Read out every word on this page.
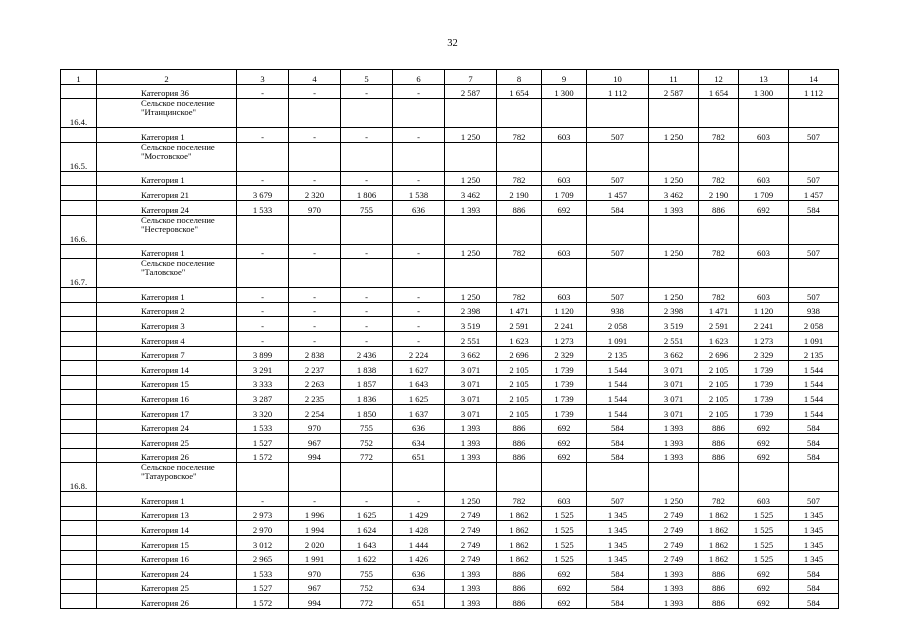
32
1	2	3	4	5	6	7	8	9	10	11	12	13	14
	Категория 36	-	-	-	-	2 587	1 654	1 300	1 112	2 587	1 654	1 300	1 112
16.4.	Сельское поселение "Итанцинское"												
	Категория 1	-	-	-	-	1 250	782	603	507	1 250	782	603	507
16.5.	Сельское поселение "Мостовское"												
	Категория 1	-	-	-	-	1 250	782	603	507	1 250	782	603	507
	Категория 21	3 679	2 320	1 806	1 538	3 462	2 190	1 709	1 457	3 462	2 190	1 709	1 457
	Категория 24	1 533	970	755	636	1 393	886	692	584	1 393	886	692	584
16.6.	Сельское поселение "Нестеровское"												
	Категория 1	-	-	-	-	1 250	782	603	507	1 250	782	603	507
16.7.	Сельское поселение "Таловское"												
	Категория 1	-	-	-	-	1 250	782	603	507	1 250	782	603	507
	Категория 2	-	-	-	-	2 398	1 471	1 120	938	2 398	1 471	1 120	938
	Категория 3	-	-	-	-	3 519	2 591	2 241	2 058	3 519	2 591	2 241	2 058
	Категория 4	-	-	-	-	2 551	1 623	1 273	1 091	2 551	1 623	1 273	1 091
	Категория 7	3 899	2 838	2 436	2 224	3 662	2 696	2 329	2 135	3 662	2 696	2 329	2 135
	Категория 14	3 291	2 237	1 838	1 627	3 071	2 105	1 739	1 544	3 071	2 105	1 739	1 544
	Категория 15	3 333	2 263	1 857	1 643	3 071	2 105	1 739	1 544	3 071	2 105	1 739	1 544
	Категория 16	3 287	2 235	1 836	1 625	3 071	2 105	1 739	1 544	3 071	2 105	1 739	1 544
	Категория 17	3 320	2 254	1 850	1 637	3 071	2 105	1 739	1 544	3 071	2 105	1 739	1 544
	Категория 24	1 533	970	755	636	1 393	886	692	584	1 393	886	692	584
	Категория 25	1 527	967	752	634	1 393	886	692	584	1 393	886	692	584
	Категория 26	1 572	994	772	651	1 393	886	692	584	1 393	886	692	584
16.8.	Сельское поселение "Татауровское"												
	Категория 1	-	-	-	-	1 250	782	603	507	1 250	782	603	507
	Категория 13	2 973	1 996	1 625	1 429	2 749	1 862	1 525	1 345	2 749	1 862	1 525	1 345
	Категория 14	2 970	1 994	1 624	1 428	2 749	1 862	1 525	1 345	2 749	1 862	1 525	1 345
	Категория 15	3 012	2 020	1 643	1 444	2 749	1 862	1 525	1 345	2 749	1 862	1 525	1 345
	Категория 16	2 965	1 991	1 622	1 426	2 749	1 862	1 525	1 345	2 749	1 862	1 525	1 345
	Категория 24	1 533	970	755	636	1 393	886	692	584	1 393	886	692	584
	Категория 25	1 527	967	752	634	1 393	886	692	584	1 393	886	692	584
	Категория 26	1 572	994	772	651	1 393	886	692	584	1 393	886	692	584
